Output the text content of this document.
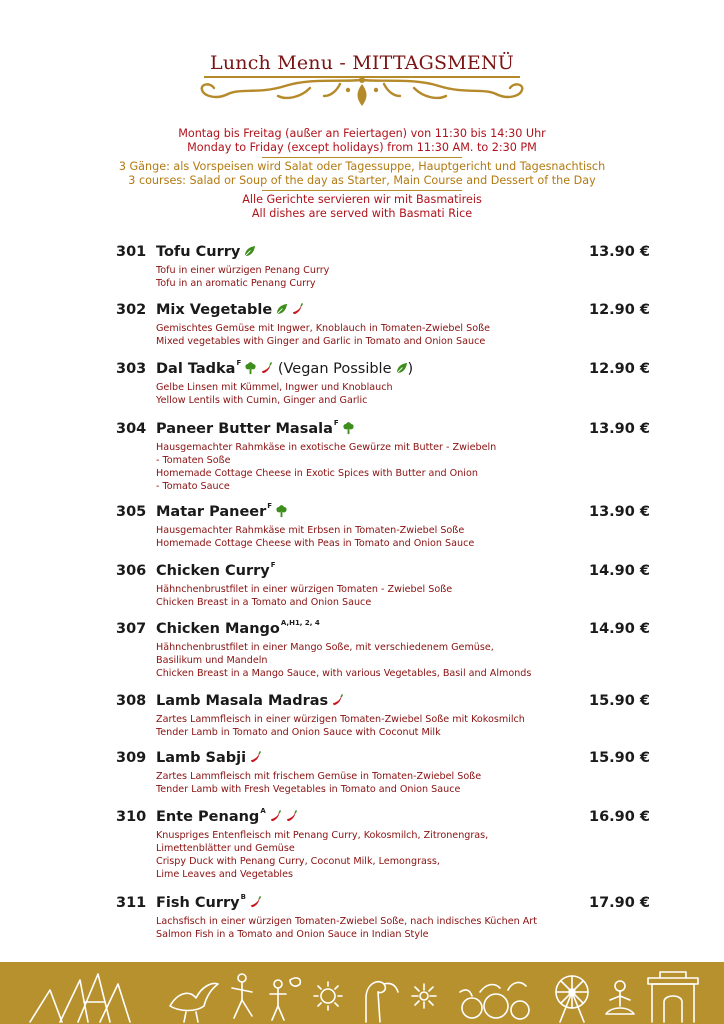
Lunch Menu - MITTAGSMENÜ
Montag bis Freitag (außer an Feiertagen) von 11:30 bis 14:30 Uhr
Monday to Friday (except holidays) from 11:30 AM. to 2:30 PM
3 Gänge: als Vorspeisen wird Salat oder Tagessuppe, Hauptgericht und Tagesnachtisch
3 courses: Salad or Soup of the day as Starter, Main Course and Dessert of the Day
Alle Gerichte servieren wir mit Basmatireis
All dishes are served with Basmati Rice
301 Tofu Curry	13.90 €
Tofu in einer würzigen Penang Curry
Tofu in an aromatic Penang Curry
302 Mix Vegetable	12.90 €
Gemischtes Gemüse mit Ingwer, Knoblauch in Tomaten-Zwiebel Soße
Mixed vegetables with Ginger and Garlic in Tomato and Onion Sauce
303 Dal Tadka$^F$ (Vegan Possible )	12.90 €
Gelbe Linsen mit Kümmel, Ingwer und Knoblauch
Yellow Lentils with Cumin, Ginger and Garlic
304 Paneer Butter Masala$^F$	13.90 €
Hausgemachter Rahmkäse in exotische Gewürze mit Butter - Zwiebeln
- Tomaten Soße
Homemade Cottage Cheese in Exotic Spices with Butter and Onion
- Tomato Sauce
305 Matar Paneer$^F$	13.90 €
Hausgemachter Rahmkäse mit Erbsen in Tomaten-Zwiebel Soße
Homemade Cottage Cheese with Peas in Tomato and Onion Sauce
306 Chicken Curry$^F$	14.90 €
Hähnchenbrustfilet in einer würzigen Tomaten - Zwiebel Soße
Chicken Breast in a Tomato and Onion Sauce
307 Chicken Mango$^{A,H1, 2, 4}$	14.90 €
Hähnchenbrustfilet in einer Mango Soße, mit verschiedenem Gemüse,
Basilikum und Mandeln
Chicken Breast in a Mango Sauce, with various Vegetables, Basil and Almonds
308 Lamb Masala Madras	15.90 €
Zartes Lammfleisch in einer würzigen Tomaten-Zwiebel Soße mit Kokosmilch
Tender Lamb in Tomato and Onion Sauce with Coconut Milk
309 Lamb Sabji	15.90 €
Zartes Lammfleisch mit frischem Gemüse in Tomaten-Zwiebel Soße
Tender Lamb with Fresh Vegetables in Tomato and Onion Sauce
310 Ente Penang$^A$	16.90 €
Knuspriges Entenfleisch mit Penang Curry, Kokosmilch, Zitronengras,
Limettenblätter und Gemüse
Crispy Duck with Penang Curry, Coconut Milk, Lemongrass,
Lime Leaves and Vegetables
311 Fish Curry$^B$	17.90 €
Lachsfisch in einer würzigen Tomaten-Zwiebel Soße, nach indisches Küchen Art
Salmon Fish in a Tomato and Onion Sauce in Indian Style
